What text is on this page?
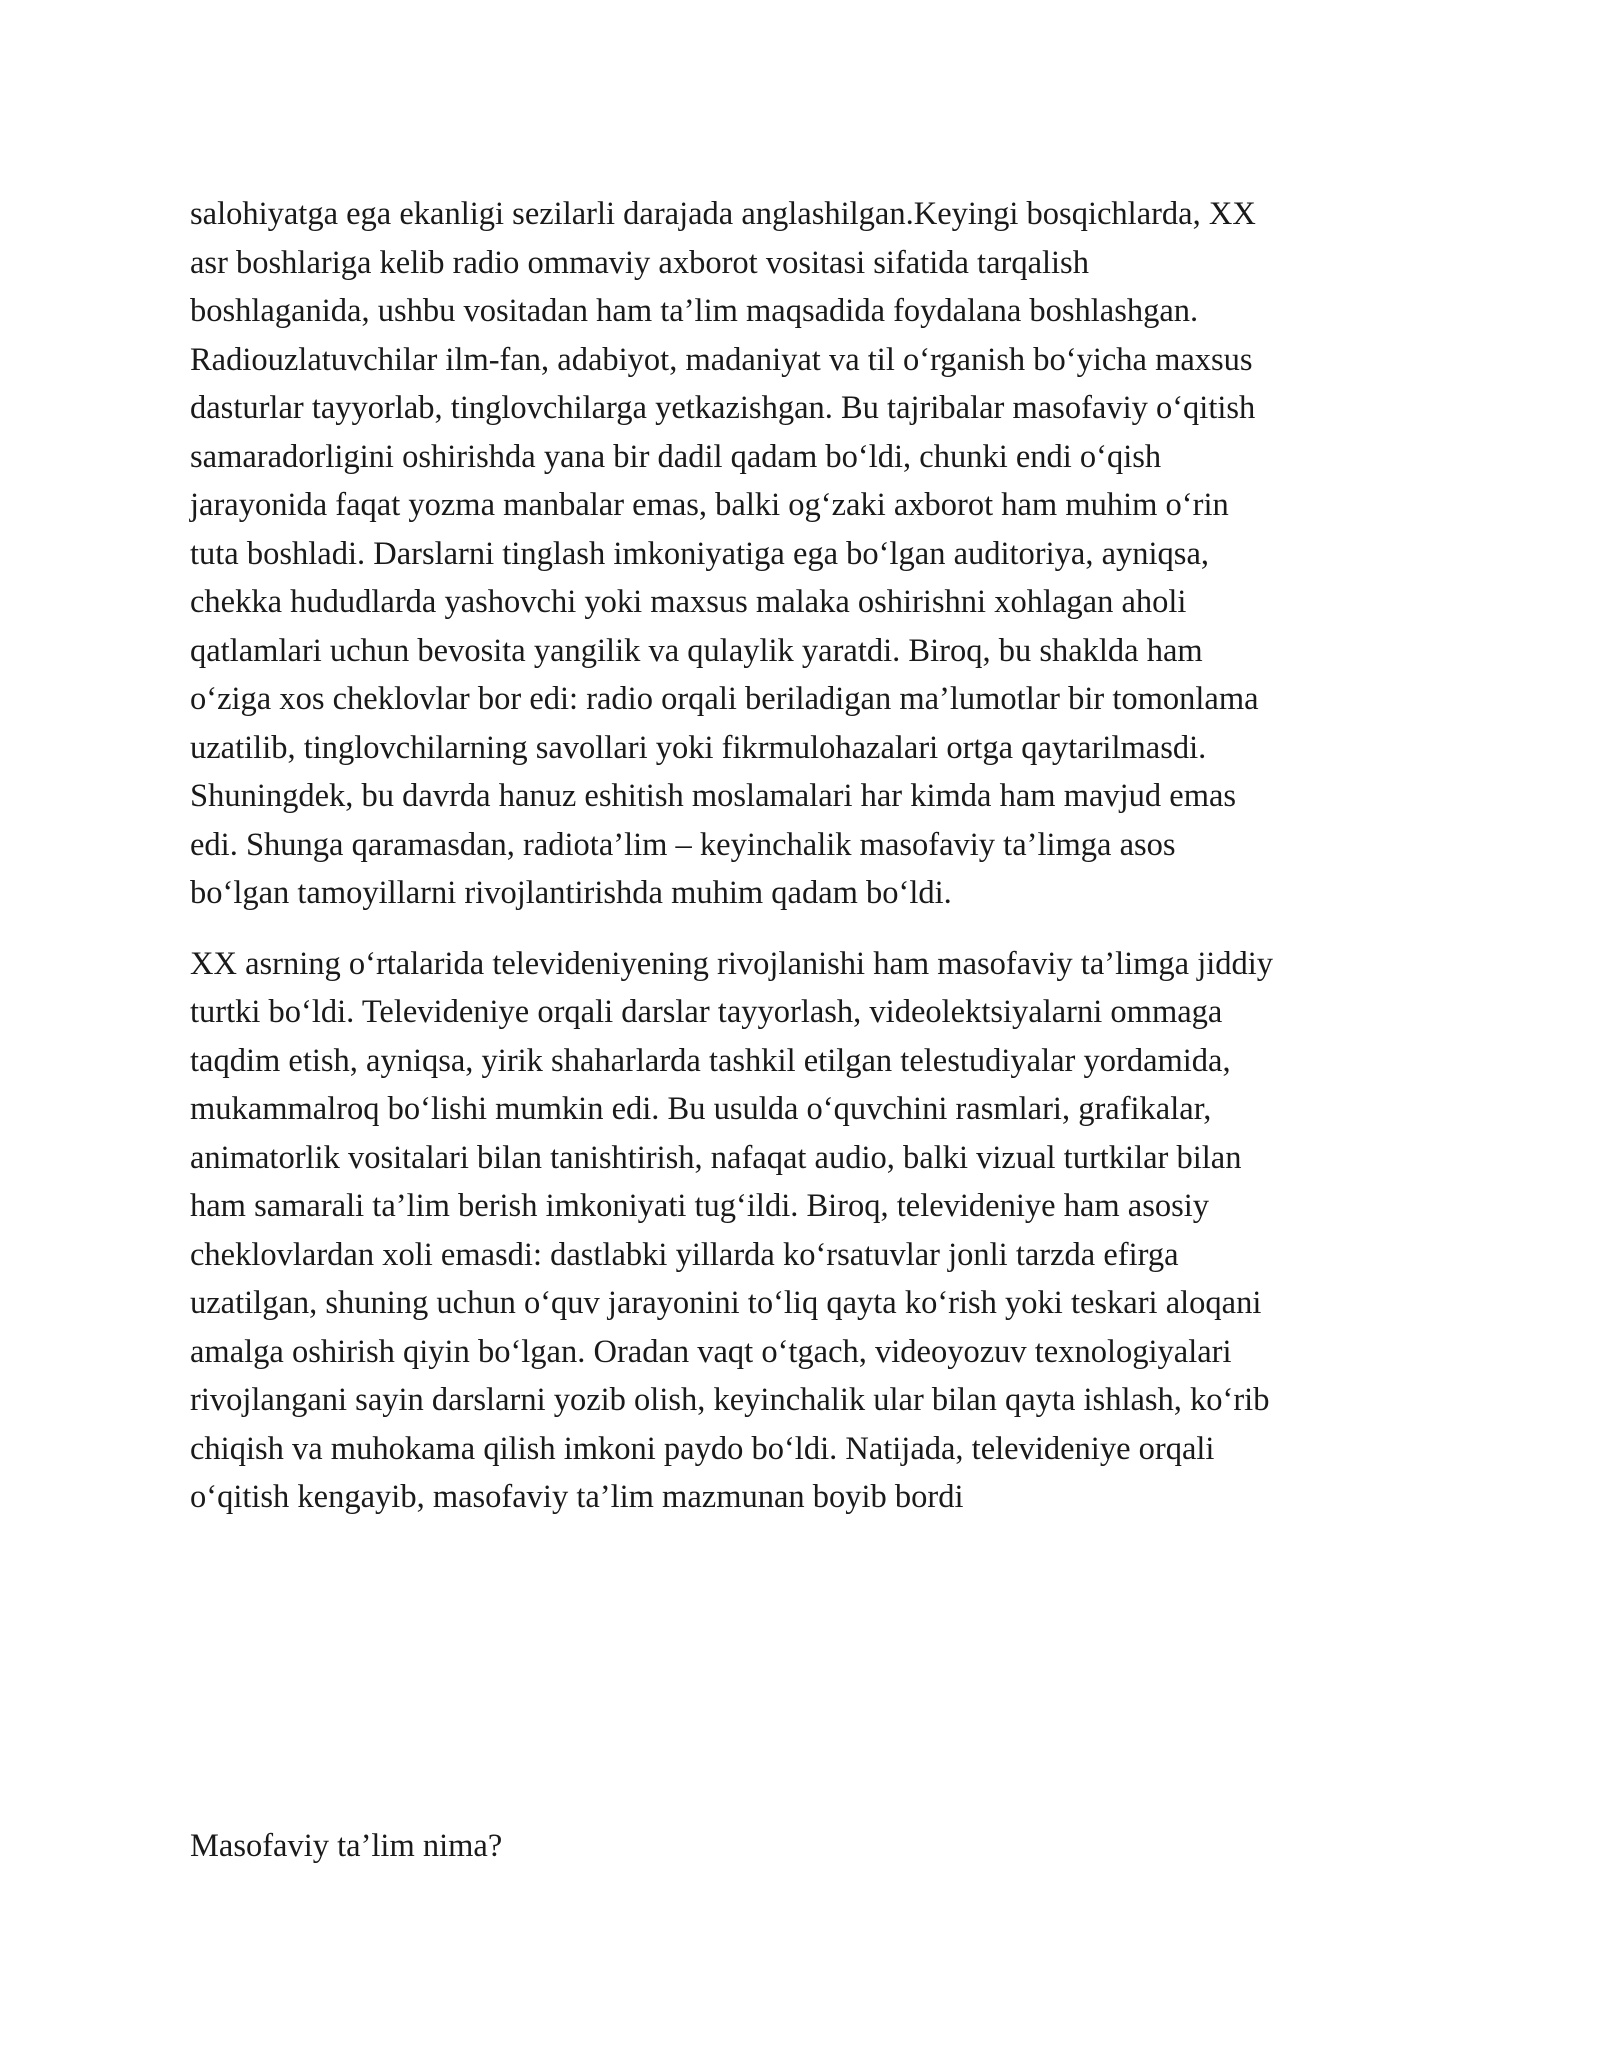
salohiyatga ega ekanligi sezilarli darajada anglashilgan.Keyingi bosqichlarda, XX
asr boshlariga kelib radio ommaviy axborot vositasi sifatida tarqalish
boshlaganida, ushbu vositadan ham ta’lim maqsadida foydalana boshlashgan.
Radiouzlatuvchilar ilm-fan, adabiyot, madaniyat va til o‘rganish bo‘yicha maxsus
dasturlar tayyorlab, tinglovchilarga yetkazishgan. Bu tajribalar masofaviy o‘qitish
samaradorligini oshirishda yana bir dadil qadam bo‘ldi, chunki endi o‘qish
jarayonida faqat yozma manbalar emas, balki og‘zaki axborot ham muhim o‘rin
tuta boshladi. Darslarni tinglash imkoniyatiga ega bo‘lgan auditoriya, ayniqsa,
chekka hududlarda yashovchi yoki maxsus malaka oshirishni xohlagan aholi
qatlamlari uchun bevosita yangilik va qulaylik yaratdi. Biroq, bu shaklda ham
o‘ziga xos cheklovlar bor edi: radio orqali beriladigan ma’lumotlar bir tomonlama
uzatilib, tinglovchilarning savollari yoki fikrmulohazalari ortga qaytarilmasdi.
Shuningdek, bu davrda hanuz eshitish moslamalari har kimda ham mavjud emas
edi. Shunga qaramasdan, radiota’lim – keyinchalik masofaviy ta’limga asos
bo‘lgan tamoyillarni rivojlantirishda muhim qadam bo‘ldi.

XX asrning o‘rtalarida televideniyening rivojlanishi ham masofaviy ta’limga jiddiy
turtki bo‘ldi. Televideniye orqali darslar tayyorlash, videolektsiyalarni ommaga
taqdim etish, ayniqsa, yirik shaharlarda tashkil etilgan telestudiyalar yordamida,
mukammalroq bo‘lishi mumkin edi. Bu usulda o‘quvchini rasmlari, grafikalar,
animatorlik vositalari bilan tanishtirish, nafaqat audio, balki vizual turtkilar bilan
ham samarali ta’lim berish imkoniyati tug‘ildi. Biroq, televideniye ham asosiy
cheklovlardan xoli emasdi: dastlabki yillarda ko‘rsatuvlar jonli tarzda efirga
uzatilgan, shuning uchun o‘quv jarayonini to‘liq qayta ko‘rish yoki teskari aloqani
amalga oshirish qiyin bo‘lgan. Oradan vaqt o‘tgach, videoyozuv texnologiyalari
rivojlangani sayin darslarni yozib olish, keyinchalik ular bilan qayta ishlash, ko‘rib
chiqish va muhokama qilish imkoni paydo bo‘ldi. Natijada, televideniye orqali
o‘qitish kengayib, masofaviy ta’lim mazmunan boyib bordi

Masofaviy ta’lim nima?
